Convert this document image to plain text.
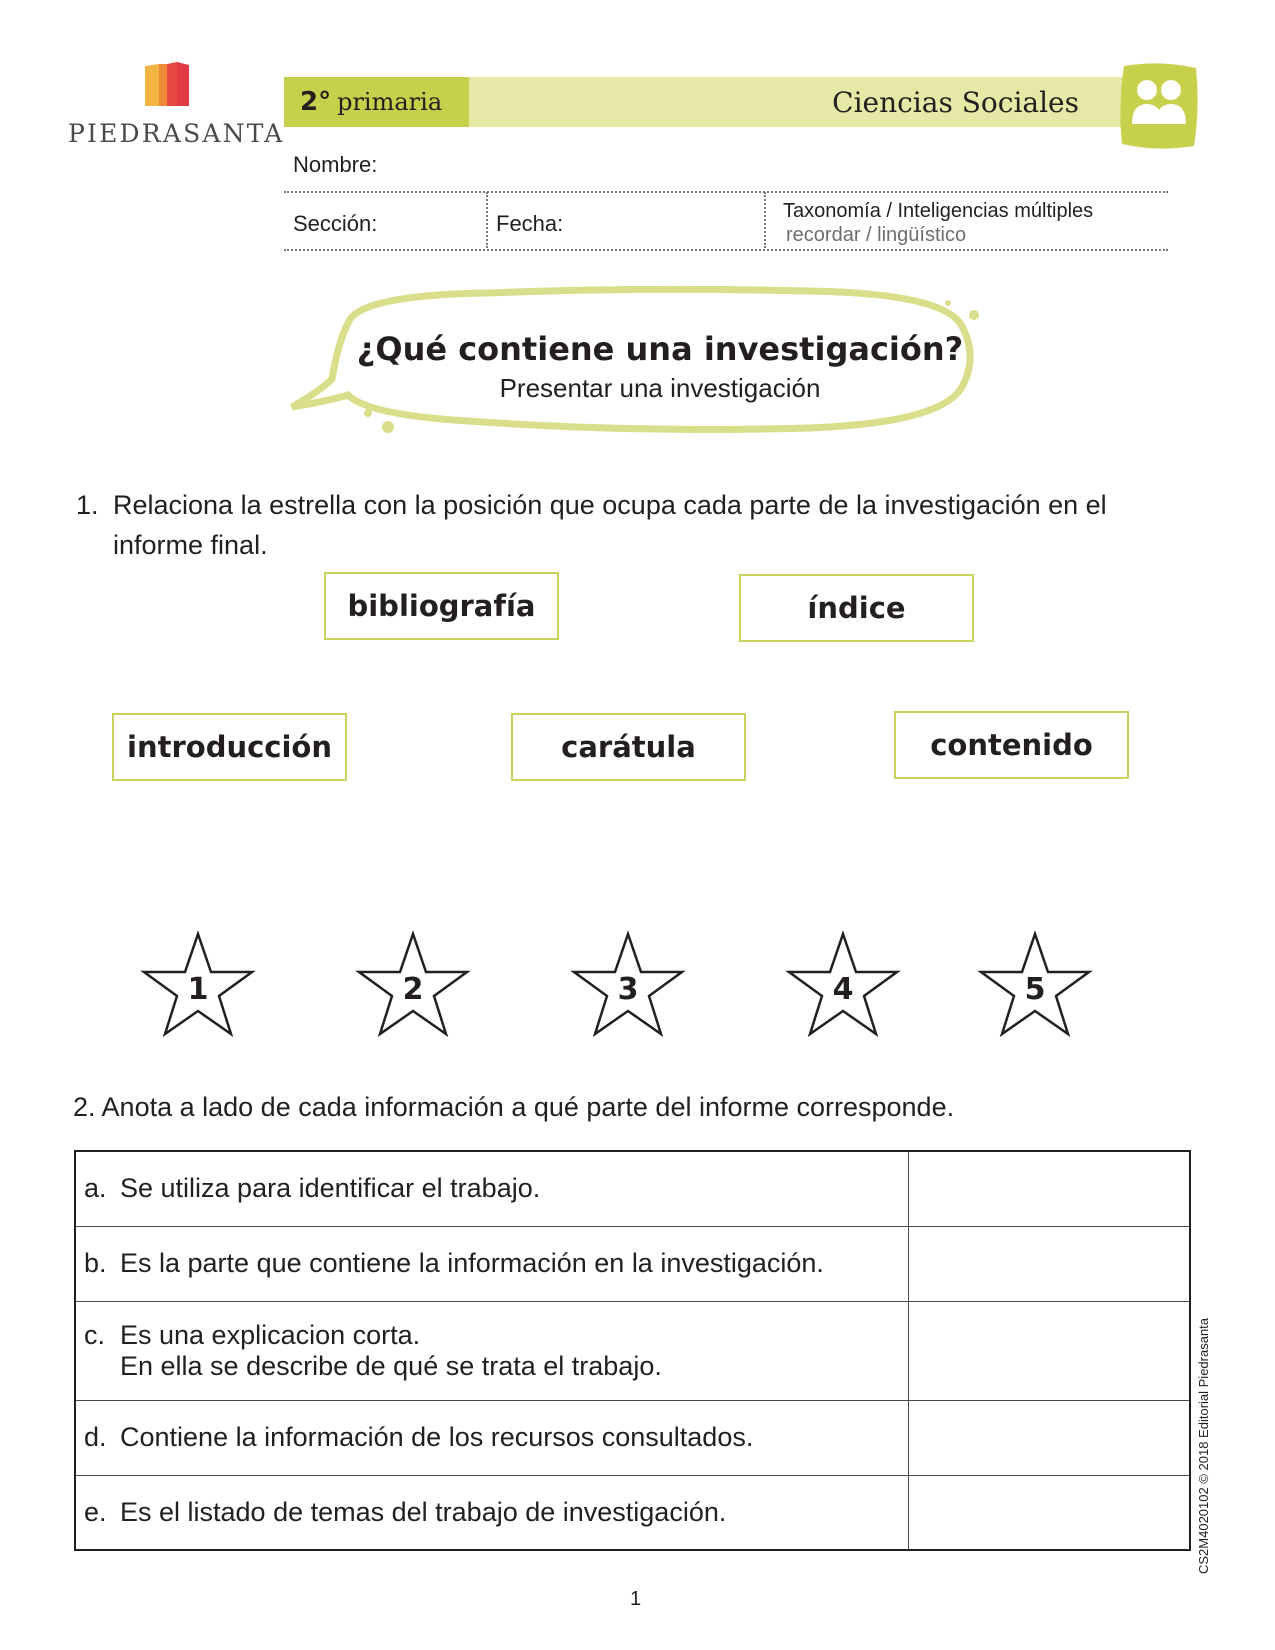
PIEDRASANTA
2° primaria	Ciencias Sociales
Nombre:
Sección:	Fecha:	Taxonomía / Inteligencias múltiples
recordar / lingüístico
¿Qué contiene una investigación?
Presentar una investigación
1. Relaciona la estrella con la posición que ocupa cada parte de la investigación en el informe final.
bibliografía	índice
introducción	carátula	contenido
1	2	3	4	5
2. Anota a lado de cada información a qué parte del informe corresponde.
a. Se utiliza para identificar el trabajo.	
b. Es la parte que contiene la información en la investigación.	
c. Es una explicacion corta.
En ella se describe de qué se trata el trabajo.	

d. Contiene la información de los recursos consultados.	
e. Es el listado de temas del trabajo de investigación.	
1
CS2M4020102 © 2018 Editorial Piedrasanta
